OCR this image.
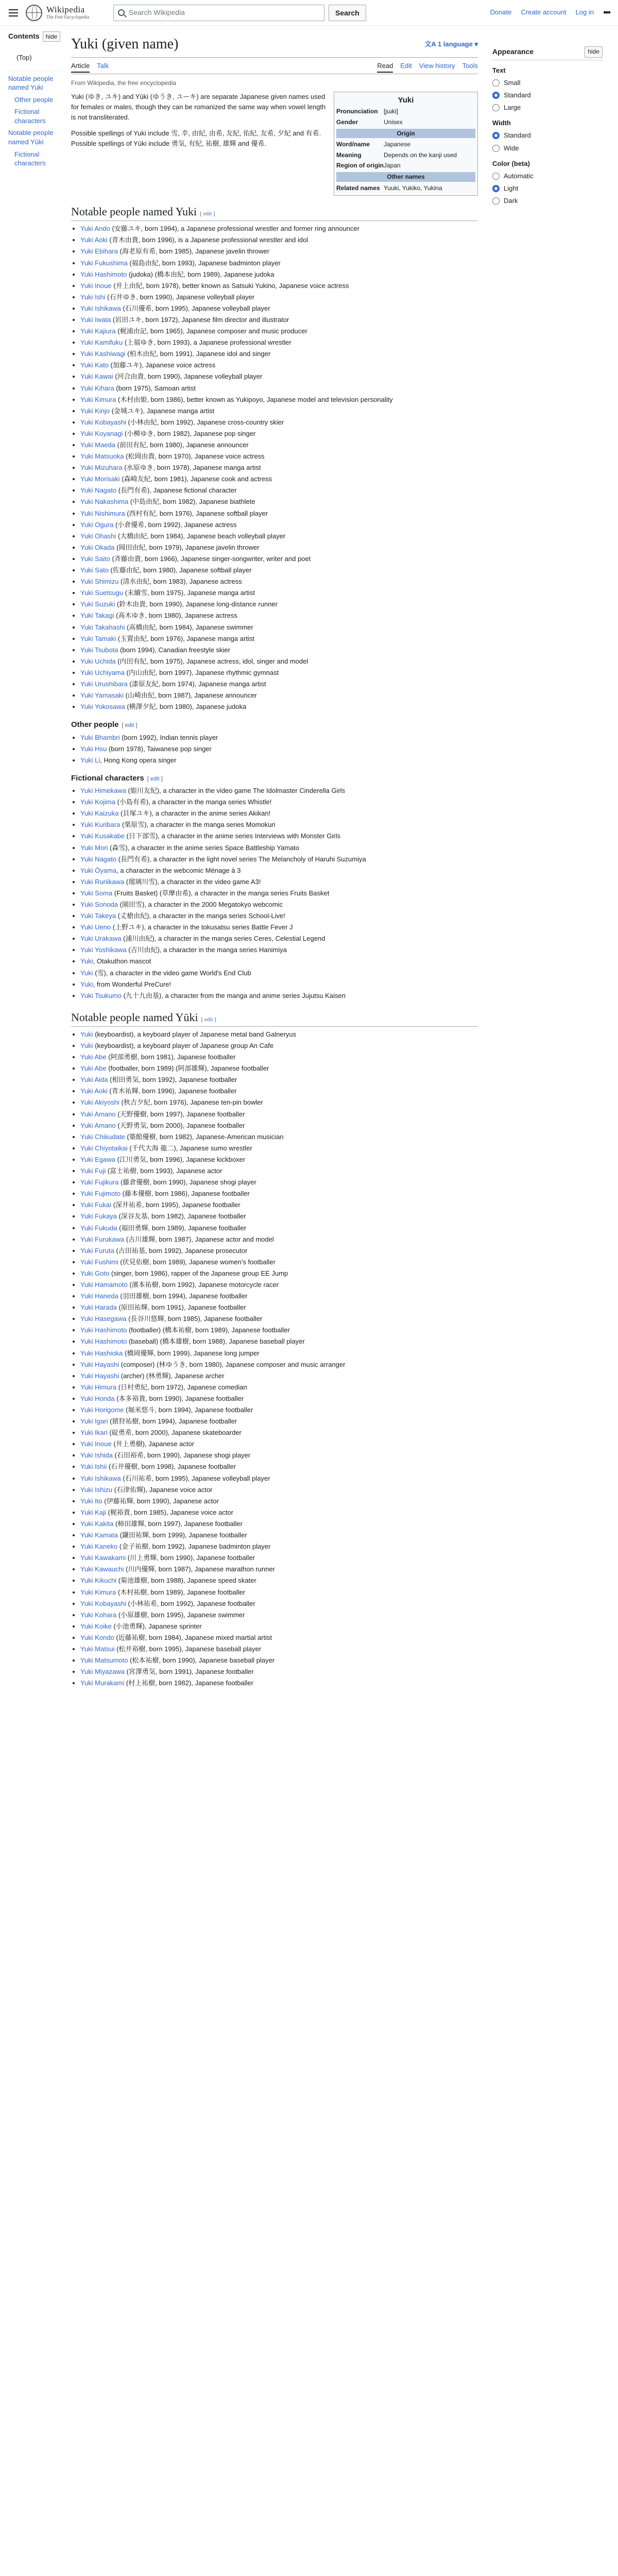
Wikipedia
The Free Encyclopedia
Search Wikipedia	Search	Donate Create account Log in •••
Contents	hide
(Top)
Notable people named Yuki
Other people
Fictional characters
Notable people named Yūki
Fictional characters
Yuki (given name)	文A 1 language ▾
Article Talk	Read Edit View history Tools
From Wikipedia, the free encyclopedia

Yuki (ゆき, ユキ) and Yūki (ゆうき, ユーキ) are separate Japanese given names used for females or males, though they can be romanized the same way when vowel length is not transliterated.

Possible spellings of Yuki include 雪, 幸, 由紀, 由希, 友紀, 佑紀, 友希, 夕紀 and 有希. Possible spellings of Yūki include 勇気, 有紀, 祐樹, 雄輝 and 優希.

Yuki
Pronunciation [jɯki]
Gender	Unisex
Origin
Word/name	Japanese
Meaning	Depends on the kanji used
Region of origin Japan
Other names
Related names Yuuki, Yukiko, Yukina
Notable people named Yuki [ edit ]
• Yuki Ando (安藤ユキ, born 1994), a Japanese professional wrestler and former ring announcer
• Yuki Aoki (青木由貴, born 1996), is a Japanese professional wrestler and idol
• Yuki Ebihara (海老原有希, born 1985), Japanese javelin thrower
• Yuki Fukushima (福島由紀, born 1993), Japanese badminton player
• Yuki Hashimoto (judoka) (橋本由紀, born 1989), Japanese judoka
• Yuki Inoue (井上由紀, born 1978), better known as Satsuki Yukino, Japanese voice actress
• Yuki Ishi (石井ゆき, born 1990), Japanese volleyball player
• Yuki Ishikawa (石川優希, born 1995), Japanese volleyball player
• Yuki Iwata (岩田ユキ, born 1972), Japanese film director and illustrator
• Yuki Kajiura (梶浦由記, born 1965), Japanese composer and music producer
• Yuki Kamifuku (上福ゆき, born 1993), a Japanese professional wrestler
• Yuki Kashiwagi (柏木由紀, born 1991), Japanese idol and singer
• Yuki Kato (加藤ユキ), Japanese voice actress
• Yuki Kawai (河合由貴, born 1990), Japanese volleyball player
• Yuki Kihara (born 1975), Samoan artist
• Yuki Kimura (木村由姫, born 1986), better known as Yukipoyo, Japanese model and television personality
• Yuki Kinjo (金城ユキ), Japanese manga artist
• Yuki Kobayashi (小林由紀, born 1992), Japanese cross-country skier
• Yuki Koyanagi (小柳ゆき, born 1982), Japanese pop singer
• Yuki Maeda (前田有紀, born 1980), Japanese announcer
• Yuki Matsuoka (松岡由貴, born 1970), Japanese voice actress
• Yuki Mizuhara (水原ゆき, born 1978), Japanese manga artist
• Yuki Morisaki (森崎友紀, born 1981), Japanese cook and actress
• Yuki Nagato (長門有希), Japanese fictional character
• Yuki Nakashima (中島由紀, born 1982), Japanese biathlete
• Yuki Nishimura (西村有紀, born 1976), Japanese softball player
• Yuki Ogura (小倉優希, born 1992), Japanese actress
• Yuki Ohashi (大橋由紀, born 1984), Japanese beach volleyball player
• Yuki Okada (岡田由紀, born 1979), Japanese javelin thrower
• Yuki Saito (斉藤由貴, born 1966), Japanese singer-songwriter, writer and poet
• Yuki Sato (佐藤由紀, born 1980), Japanese softball player
• Yuki Shimizu (清水由紀, born 1983), Japanese actress
• Yuki Suetsugu (末續雪, born 1975), Japanese manga artist
• Yuki Suzuki (鈴木由貴, born 1990), Japanese long-distance runner
• Yuki Takagi (高木ゆき, born 1980), Japanese actress
• Yuki Takahashi (高橋由紀, born 1984), Japanese swimmer
• Yuki Tamaki (玉置由紀, born 1976), Japanese manga artist
• Yuki Tsubota (born 1994), Canadian freestyle skier
• Yuki Uchida (内田有紀, born 1975), Japanese actress, idol, singer and model
• Yuki Uchiyama (内山由紀, born 1997), Japanese rhythmic gymnast
• Yuki Urushibara (漆原友紀, born 1974), Japanese manga artist
• Yuki Yamasaki (山崎由紀, born 1987), Japanese announcer
• Yuki Yokosawa (横澤夕紀, born 1980), Japanese judoka
Other people [ edit ]
• Yuki Bhambri (born 1992), Indian tennis player
• Yuki Hsu (born 1978), Taiwanese pop singer
• Yuki Li, Hong Kong opera singer
Fictional characters [ edit ]
• Yuki Himekawa (姫川友紀), a character in the video game The Idolmaster Cinderella Girls
• Yuki Kojima (小島有希), a character in the manga series Whistle!
• Yuki Kaizuka (貝塚ユキ), a character in the anime series Akikan!
• Yuki Kuribara (栗原雪), a character in the manga series Momokuri
• Yuki Kusakabe (日下部雪), a character in the anime series Interviews with Monster Girls
• Yuki Mori (森雪), a character in the anime series Space Battleship Yamato
• Yuki Nagato (長門有希), a character in the light novel series The Melancholy of Haruhi Suzumiya
• Yuki Ōyama, a character in the webcomic Ménage à 3
• Yuki Ruriikawa (瑠璃川雪), a character in the video game A3!
• Yuki Soma (Fruits Basket) (草摩由希), a character in the manga series Fruits Basket
• Yuki Sonoda (園田雪), a character in the 2000 Megatokyo webcomic
• Yuki Takeya (丈槍由紀), a character in the manga series School-Live!
• Yuki Ueno (上野ユキ), a character in the tokusatsu series Battle Fever J
• Yuki Urakawa (浦川由紀), a character in the manga series Ceres, Celestial Legend
• Yuki Yoshikawa (吉川由紀), a character in the manga series Hanimiya
• Yuki, Otakuthon mascot
• Yuki (雪), a character in the video game World's End Club
• Yuki, from Wonderful PreCure!
• Yuki Tsukumo (九十九由基), a character from the manga and anime series Jujutsu Kaisen
Notable people named Yūki [ edit ]
• Yuki (keyboardist), a keyboard player of Japanese metal band Galneryus
• Yuki (keyboardist), a keyboard player of Japanese group An Cafe
• Yuki Abe (阿部勇樹, born 1981), Japanese footballer
• Yuki Abe (footballer, born 1989) (阿部雄輝), Japanese footballer
• Yuki Aida (相田勇気, born 1992), Japanese footballer
• Yuki Aoki (青木祐輝, born 1996), Japanese footballer
• Yuki Akiyoshi (秋吉夕紀, born 1976), Japanese ten-pin bowler
• Yuki Amano (天野優樹, born 1997), Japanese footballer
• Yuki Amano (天野勇気, born 2000), Japanese footballer
• Yuki Chikudate (築館優樹, born 1982), Japanese-American musician
• Yuki Chiyotaikai (千代大海 龍二), Japanese sumo wrestler
• Yuki Egawa (江川勇気, born 1996), Japanese kickboxer
• Yuki Fuji (富士祐樹, born 1993), Japanese actor
• Yuki Fujikura (藤倉優樹, born 1990), Japanese shogi player
• Yuki Fujimoto (藤本優樹, born 1986), Japanese footballer
• Yuki Fukai (深井祐希, born 1995), Japanese footballer
• Yuki Fukaya (深谷友基, born 1982), Japanese footballer
• Yuki Fukuda (福田勇輝, born 1989), Japanese footballer
• Yuki Furukawa (古川雄輝, born 1987), Japanese actor and model
• Yuki Furuta (古田祐基, born 1992), Japanese prosecutor
• Yuki Fushimi (伏見佑樹, born 1989), Japanese women's footballer
• Yuki Goto (singer, born 1986), rapper of the Japanese group EE Jump
• Yuki Hamamoto (濱本祐樹, born 1992), Japanese motorcycle racer
• Yuki Haneda (羽田雄樹, born 1994), Japanese footballer
• Yuki Harada (原田祐輝, born 1991), Japanese footballer
• Yuki Hasegawa (長谷川悠輝, born 1985), Japanese footballer
• Yuki Hashimoto (footballer) (橋本祐樹, born 1989), Japanese footballer
• Yuki Hashimoto (baseball) (橋本雄樹, born 1988), Japanese baseball player
• Yuki Hashioka (橋岡優輝, born 1999), Japanese long jumper
• Yuki Hayashi (composer) (林ゆうき, born 1980), Japanese composer and music arranger
• Yuki Hayashi (archer) (林勇輝), Japanese archer
• Yuki Himura (日村勇紀, born 1972), Japanese comedian
• Yuki Honda (本多裕貴, born 1990), Japanese footballer
• Yuki Horigome (堀米悠斗, born 1994), Japanese footballer
• Yuki Igari (猪狩祐樹, born 1994), Japanese footballer
• Yuki Ikari (碇勇希, born 2000), Japanese skateboarder
• Yuki Inoue (井上勇樹), Japanese actor
• Yuki Ishida (石田裕希, born 1990), Japanese shogi player
• Yuki Ishii (石井優樹, born 1998), Japanese footballer
• Yuki Ishikawa (石川祐希, born 1995), Japanese volleyball player
• Yuki Ishizu (石津佑輝), Japanese voice actor
• Yuki Ito (伊藤祐輝, born 1990), Japanese actor
• Yuki Kaji (梶裕貴, born 1985), Japanese voice actor
• Yuki Kakita (柿田雄輝, born 1997), Japanese footballer
• Yuki Kamata (鎌田祐輝, born 1999), Japanese footballer
• Yuki Kaneko (金子祐樹, born 1992), Japanese badminton player
• Yuki Kawakami (川上勇輝, born 1990), Japanese footballer
• Yuki Kawauchi (川内優輝, born 1987), Japanese marathon runner
• Yuki Kikuchi (菊池雄樹, born 1988), Japanese speed skater
• Yuki Kimura (木村祐樹, born 1989), Japanese footballer
• Yuki Kobayashi (小林祐希, born 1992), Japanese footballer
• Yuki Kohara (小原雄樹, born 1995), Japanese swimmer
• Yuki Koike (小池勇輝), Japanese sprinter
• Yuki Kondo (近藤祐樹, born 1984), Japanese mixed martial artist
• Yuki Matsui (松井裕樹, born 1995), Japanese baseball player
• Yuki Matsumoto (松本祐樹, born 1990), Japanese baseball player
• Yuki Miyazawa (宮澤勇気, born 1991), Japanese footballer
• Yuki Murakami (村上祐樹, born 1982), Japanese footballer
Appearance	hide
Text
Small
Standard
Large
Width
Standard
Wide
Color (beta)
Automatic
Light
Dark
